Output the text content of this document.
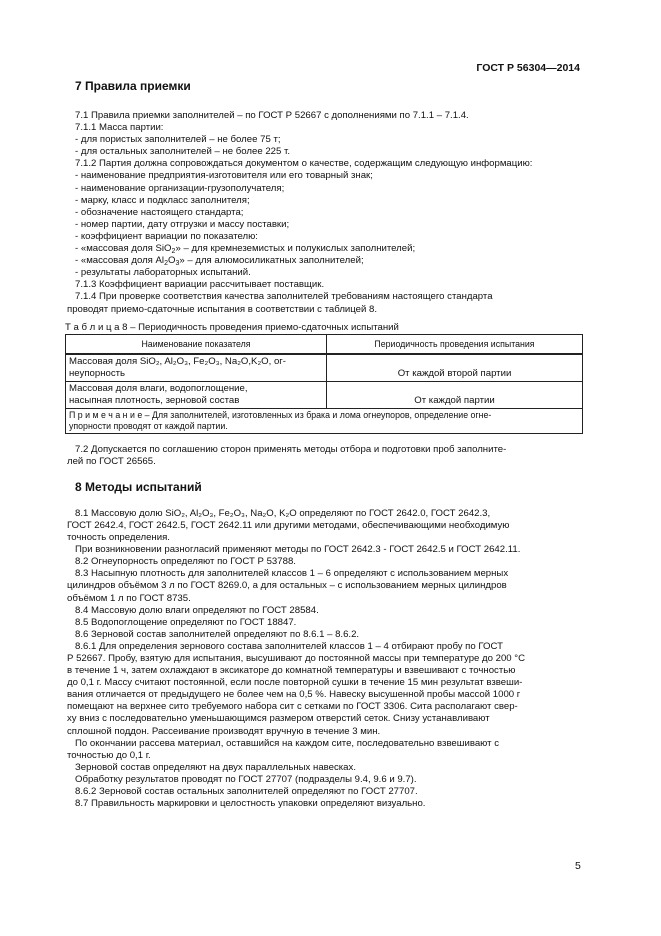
ГОСТ Р 56304—2014
7 Правила приемки

7.1 Правила приемки заполнителей – по ГОСТ Р 52667 с дополнениями по 7.1.1 – 7.1.4.

7.1.1 Масса партии:

- для пористых заполнителей – не более 75 т;

- для остальных заполнителей – не более 225 т.

7.1.2 Партия должна сопровождаться документом о качестве, содержащим следующую информацию:

- наименование предприятия-изготовителя или его товарный знак;

- наименование организации-грузополучателя;

- марку, класс и подкласс заполнителя;

- обозначение настоящего стандарта;

- номер партии, дату отгрузки и массу поставки;

- коэффициент вариации по показателю:

- «массовая доля SiO$_2$» – для кремнеземистых и полукислых заполнителей;

- «массовая доля $Al_2O_3$» – для алюмосиликатных заполнителей;

- результаты лабораторных испытаний.

7.1.3 Коэффициент вариации рассчитывает поставщик.

7.1.4 При проверке соответствия качества заполнителей требованиям настоящего стандарта

проводят приемо-сдаточные испытания в соответствии с таблицей 8.

Т а б л и ц а 8 – Периодичность проведения приемо-сдаточных испытаний

Наименование показателя	Периодичность проведения испытания

Массовая доля SiO₂, Al₂O₃, Fe₂O₃, Na₂O,K₂O, ог-
неупорность	От каждой второй партии

Массовая доля влаги, водопоглощение,
насыпная плотность, зерновой состав	От каждой партии

П р и м е ч а н и е – Для заполнителей, изготовленных из брака и лома огнеупоров, определение огне-
упорности проводят от каждой партии.	

7.2 Допускается по соглашению сторон применять методы отбора и подготовки проб заполните-

лей по ГОСТ 26565.

8 Методы испытаний

8.1 Массовую долю SiO₂, Al₂O₃, Fe₂O₃, Na₂O, K₂O определяют по ГОСТ 2642.0, ГОСТ 2642.3,

ГОСТ 2642.4, ГОСТ 2642.5, ГОСТ 2642.11 или другими методами, обеспечивающими необходимую

точность определения.

При возникновении разногласий применяют методы по ГОСТ 2642.3 - ГОСТ 2642.5 и ГОСТ 2642.11.

8.2 Огнеупорность определяют по ГОСТ Р 53788.

8.3 Насыпную плотность для заполнителей классов 1 – 6 определяют с использованием мерных

цилиндров объёмом 3 л по ГОСТ 8269.0, а для остальных – с использованием мерных цилиндров

объёмом 1 л по ГОСТ 8735.

8.4 Массовую долю влаги определяют по ГОСТ 28584.

8.5 Водопоглощение определяют по ГОСТ 18847.

8.6 Зерновой состав заполнителей определяют по 8.6.1 – 8.6.2.

8.6.1 Для определения зернового состава заполнителей классов 1 – 4 отбирают пробу по ГОСТ

Р 52667. Пробу, взятую для испытания, высушивают до постоянной массы при температуре до 200 °С

в течение 1 ч, затем охлаждают в эксикаторе до комнатной температуры и взвешивают с точностью

до 0,1 г. Массу считают постоянной, если после повторной сушки в течение 15 мин результат взвеши-

вания отличается от предыдущего не более чем на 0,5 %. Навеску высушенной пробы массой 1000 г

помещают на верхнее сито требуемого набора сит с сетками по ГОСТ 3306. Сита располагают свер-

ху вниз с последовательно уменьшающимся размером отверстий сеток. Снизу устанавливают

сплошной поддон. Рассеивание производят вручную в течение 3 мин.

По окончании рассева материал, оставшийся на каждом сите, последовательно взвешивают с

точностью до 0,1 г.

Зерновой состав определяют на двух параллельных навесках.

Обработку результатов проводят по ГОСТ 27707 (подразделы 9.4, 9.6 и 9.7).

8.6.2 Зерновой состав остальных заполнителей определяют по ГОСТ 27707.

8.7 Правильность маркировки и целостность упаковки определяют визуально.

5
